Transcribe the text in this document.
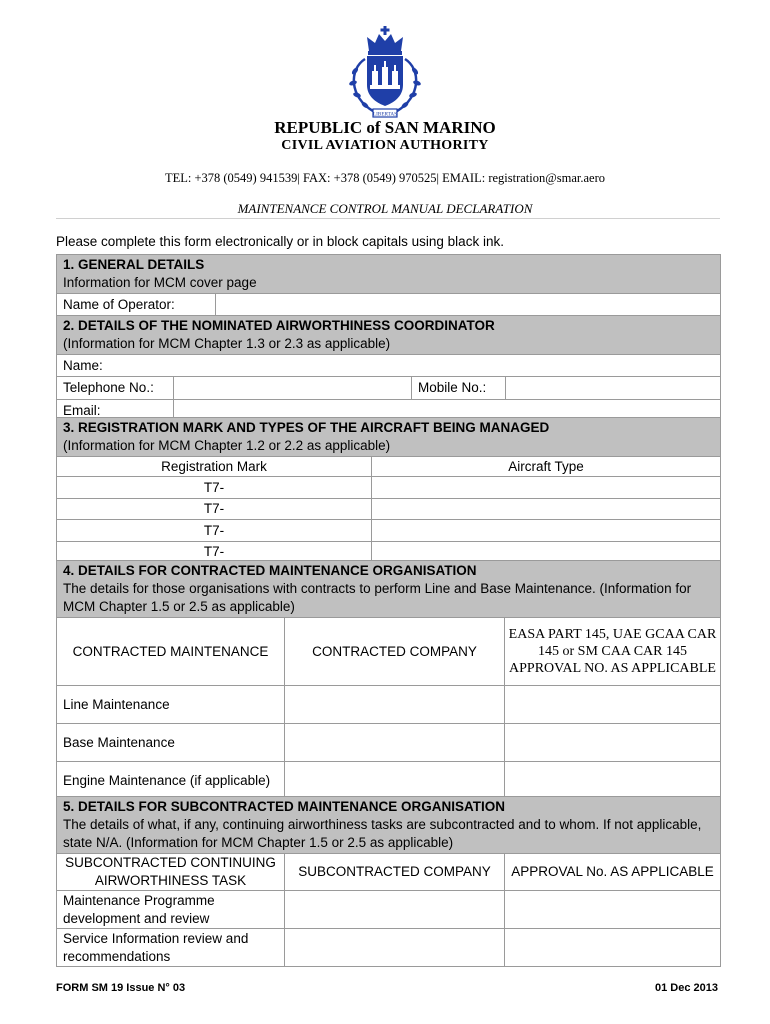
LIBERTAS
REPUBLIC of SAN MARINO
CIVIL AVIATION AUTHORITY
TEL: +378 (0549) 941539| FAX: +378 (0549) 970525| EMAIL: registration@smar.aero
MAINTENANCE CONTROL MANUAL DECLARATION
Please complete this form electronically or in block capitals using black ink.
1. GENERAL DETAILS
Information for MCM cover page				

Name of Operator:				

2. DETAILS OF THE NOMINATED AIRWORTHINESS COORDINATOR
(Information for MCM Chapter 1.3 or 2.3 as applicable)				

Name:				
Telephone No.:			Mobile No.:	
Email:				
3. REGISTRATION MARK AND TYPES OF THE AIRCRAFT BEING MANAGED
(Information for MCM Chapter 1.2 or 2.2 as applicable)	

Registration Mark	Aircraft Type
T7-	
T7-	
T7-	
T7-	
4. DETAILS FOR CONTRACTED MAINTENANCE ORGANISATION
The details for those organisations with contracts to perform Line and Base Maintenance. (Information for MCM Chapter 1.5 or 2.5 as applicable)		

CONTRACTED MAINTENANCE	CONTRACTED COMPANY	EASA PART 145, UAE GCAA CAR 145 or SM CAA CAR 145 APPROVAL NO. AS APPLICABLE
Line Maintenance		
Base Maintenance		
Engine Maintenance (if applicable)		
5. DETAILS FOR SUBCONTRACTED MAINTENANCE ORGANISATION
The details of what, if any, continuing airworthiness tasks are subcontracted and to whom. If not applicable, state N/A. (Information for MCM Chapter 1.5 or 2.5 as applicable)		

SUBCONTRACTED CONTINUING AIRWORTHINESS TASK	SUBCONTRACTED COMPANY	APPROVAL No. AS APPLICABLE
Maintenance Programme development and review		
Service Information review and recommendations		
FORM SM 19 Issue N° 03	01 Dec 2013
